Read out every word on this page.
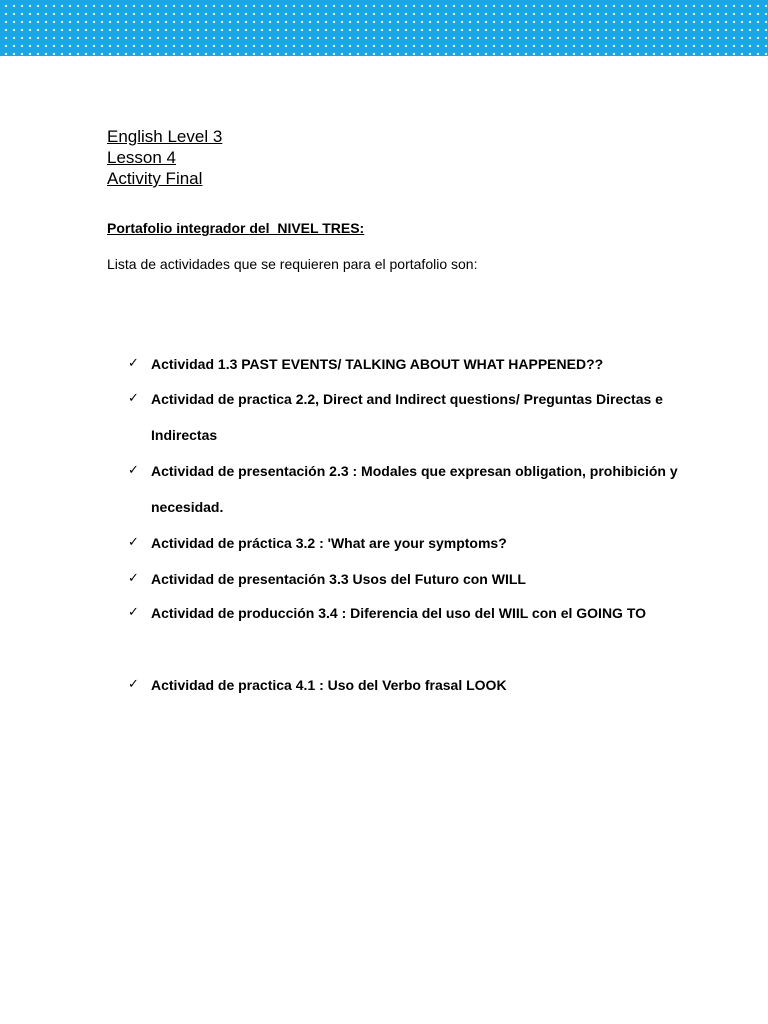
English Level 3
Lesson 4
Activity Final
Portafolio integrador del  NIVEL TRES:
Lista de actividades que se requieren para el portafolio son:
✓ Actividad 1.3 PAST EVENTS/ TALKING ABOUT WHAT HAPPENED??
✓ Actividad de practica 2.2, Direct and Indirect questions/ Preguntas Directas e Indirectas
✓ Actividad de presentación 2.3 : Modales que expresan obligation, prohibición y necesidad.
✓ Actividad de práctica 3.2 : 'What are your symptoms?
✓ Actividad de presentación 3.3 Usos del Futuro con WILL
✓ Actividad de producción 3.4 : Diferencia del uso del WIIL con el GOING TO
✓ Actividad de practica 4.1 : Uso del Verbo frasal LOOK
